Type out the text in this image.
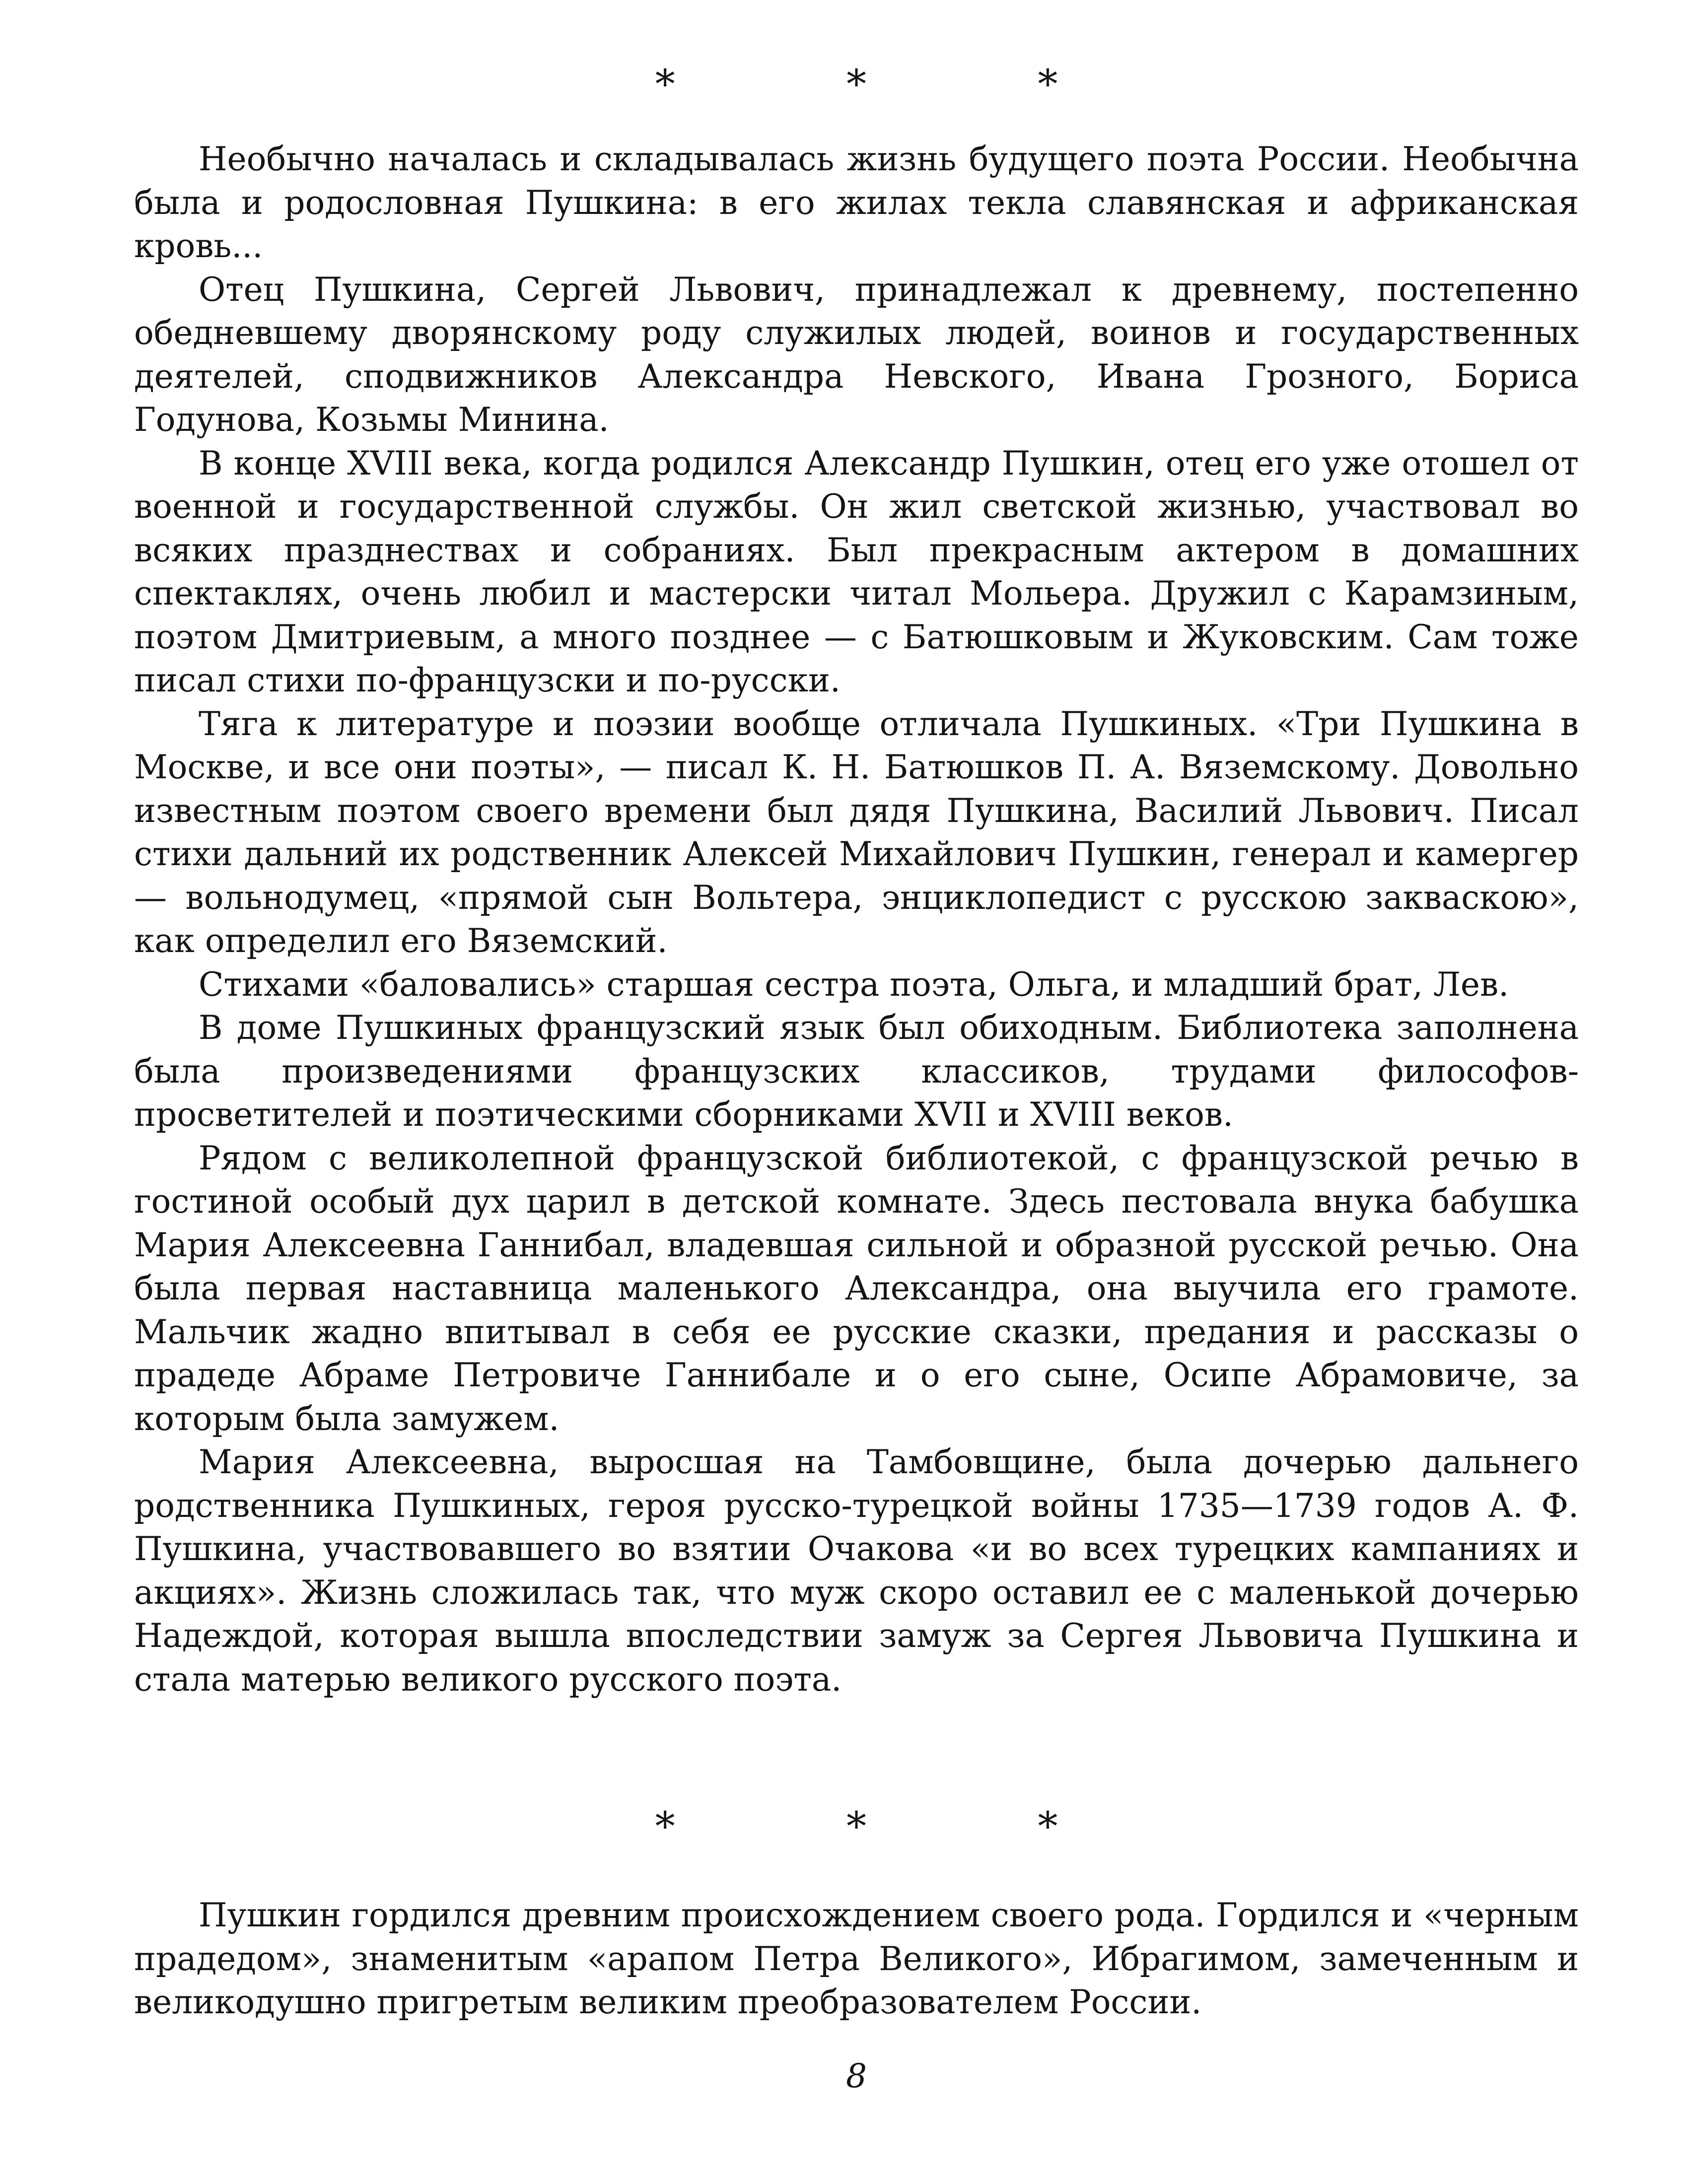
* * *

Необычно началась и складывалась жизнь будущего поэта России. Необычна была и родословная Пушкина: в его жилах текла славянская и африканская кровь...

Отец Пушкина, Сергей Львович, принадлежал к древнему, постепенно обедневшему дворянскому роду служилых людей, воинов и государственных деятелей, сподвижников Александра Невского, Ивана Грозного, Бориса Годунова, Козьмы Минина.

В конце XVIII века, когда родился Александр Пушкин, отец его уже отошел от военной и государственной службы. Он жил светской жизнью, участвовал во всяких празднествах и собраниях. Был прекрасным актером в домашних спектаклях, очень любил и мастерски читал Мольера. Дружил с Карамзиным, поэтом Дмитриевым, а много позднее — с Батюшковым и Жуковским. Сам тоже писал стихи по-французски и по-русски.

Тяга к литературе и поэзии вообще отличала Пушкиных. «Три Пушкина в Москве, и все они поэты», — писал К. Н. Батюшков П. А. Вяземскому. Довольно известным поэтом своего времени был дядя Пушкина, Василий Львович. Писал стихи дальний их родственник Алексей Михайлович Пушкин, генерал и камергер — вольнодумец, «прямой сын Вольтера, энциклопедист с русскою закваскою», как определил его Вяземский.

Стихами «баловались» старшая сестра поэта, Ольга, и младший брат, Лев.

В доме Пушкиных французский язык был обиходным. Библиотека заполнена была произведениями французских классиков, трудами философов-просветителей и поэтическими сборниками XVII и XVIII веков.

Рядом с великолепной французской библиотекой, с французской речью в гостиной особый дух царил в детской комнате. Здесь пестовала внука бабушка Мария Алексеевна Ганнибал, владевшая сильной и образной русской речью. Она была первая наставница маленького Александра, она выучила его грамоте. Мальчик жадно впитывал в себя ее русские сказки, предания и рассказы о прадеде Абраме Петровиче Ганнибале и о его сыне, Осипе Абрамовиче, за которым была замужем.

Мария Алексеевна, выросшая на Тамбовщине, была дочерью дальнего родственника Пушкиных, героя русско-турецкой войны 1735—1739 годов А. Ф. Пушкина, участвовавшего во взятии Очакова «и во всех турецких кампаниях и акциях». Жизнь сложилась так, что муж скоро оставил ее с маленькой дочерью Надеждой, которая вышла впоследствии замуж за Сергея Львовича Пушкина и стала матерью великого русского поэта.

* * *

Пушкин гордился древним происхождением своего рода. Гордился и «черным прадедом», знаменитым «арапом Петра Великого», Ибрагимом, замеченным и великодушно пригретым великим преобразователем России.

8
